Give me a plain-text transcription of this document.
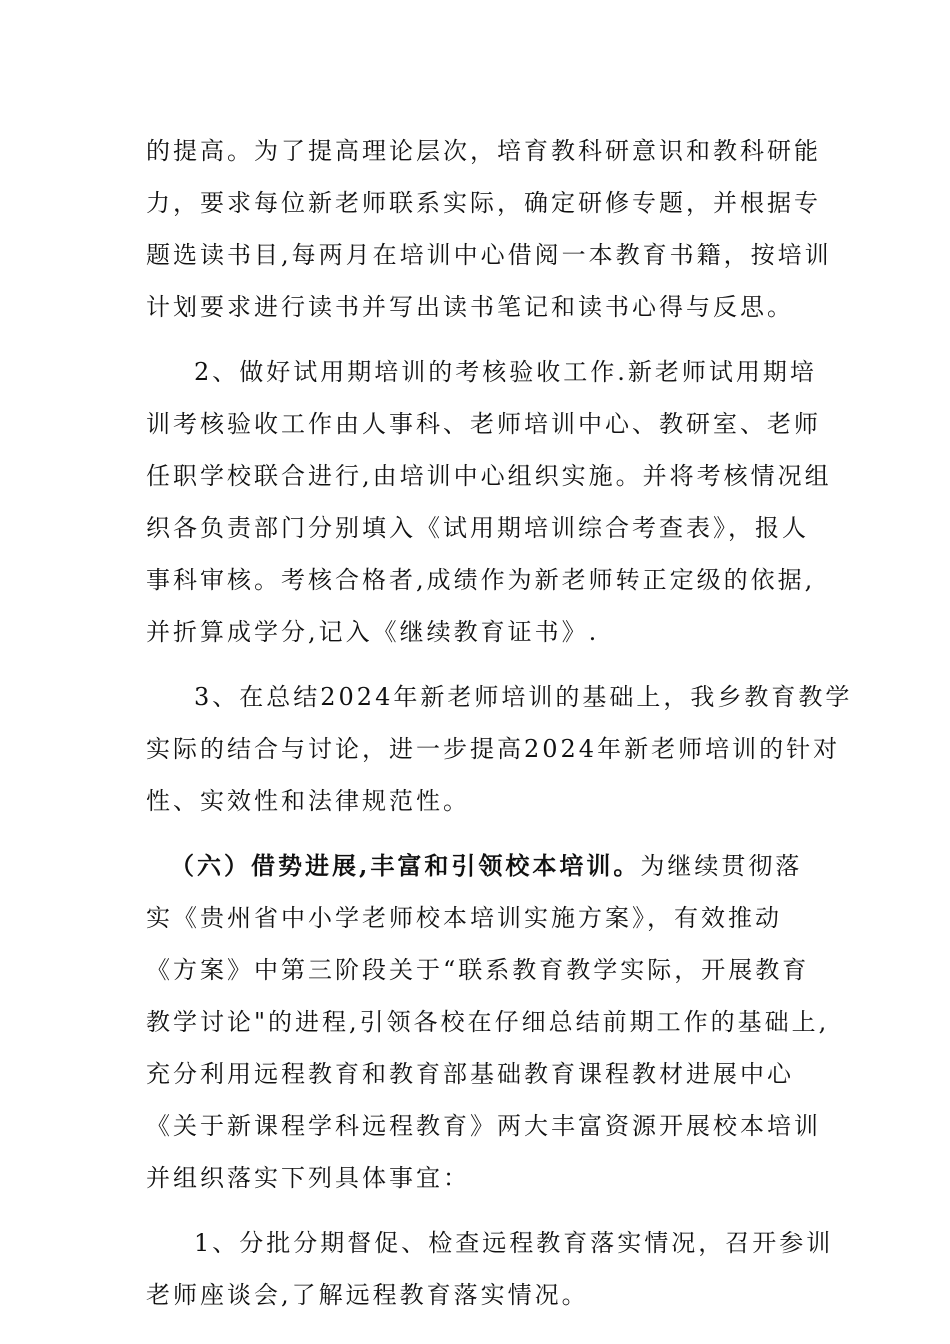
的提高。为了提高理论层次，培育教科研意识和教科研能
力，要求每位新老师联系实际，确定研修专题，并根据专
题选读书目,每两月在培训中心借阅一本教育书籍，按培训
计划要求进行读书并写出读书笔记和读书心得与反思。
2、做好试用期培训的考核验收工作.新老师试用期培
训考核验收工作由人事科、老师培训中心、教研室、老师
任职学校联合进行,由培训中心组织实施。并将考核情况组
织各负责部门分别填入《试用期培训综合考查表》，报人
事科审核。考核合格者,成绩作为新老师转正定级的依据,
并折算成学分,记入《继续教育证书》.
3、在总结2024年新老师培训的基础上，我乡教育教学
实际的结合与讨论，进一步提高2024年新老师培训的针对
性、实效性和法律规范性。
（六）借势进展,丰富和引领校本培训。为继续贯彻落
实《贵州省中小学老师校本培训实施方案》，有效推动
《方案》中第三阶段关于“联系教育教学实际，开展教育
教学讨论"的进程,引领各校在仔细总结前期工作的基础上,
充分利用远程教育和教育部基础教育课程教材进展中心
《关于新课程学科远程教育》两大丰富资源开展校本培训
并组织落实下列具体事宜：
1、分批分期督促、检查远程教育落实情况，召开参训
老师座谈会,了解远程教育落实情况。
